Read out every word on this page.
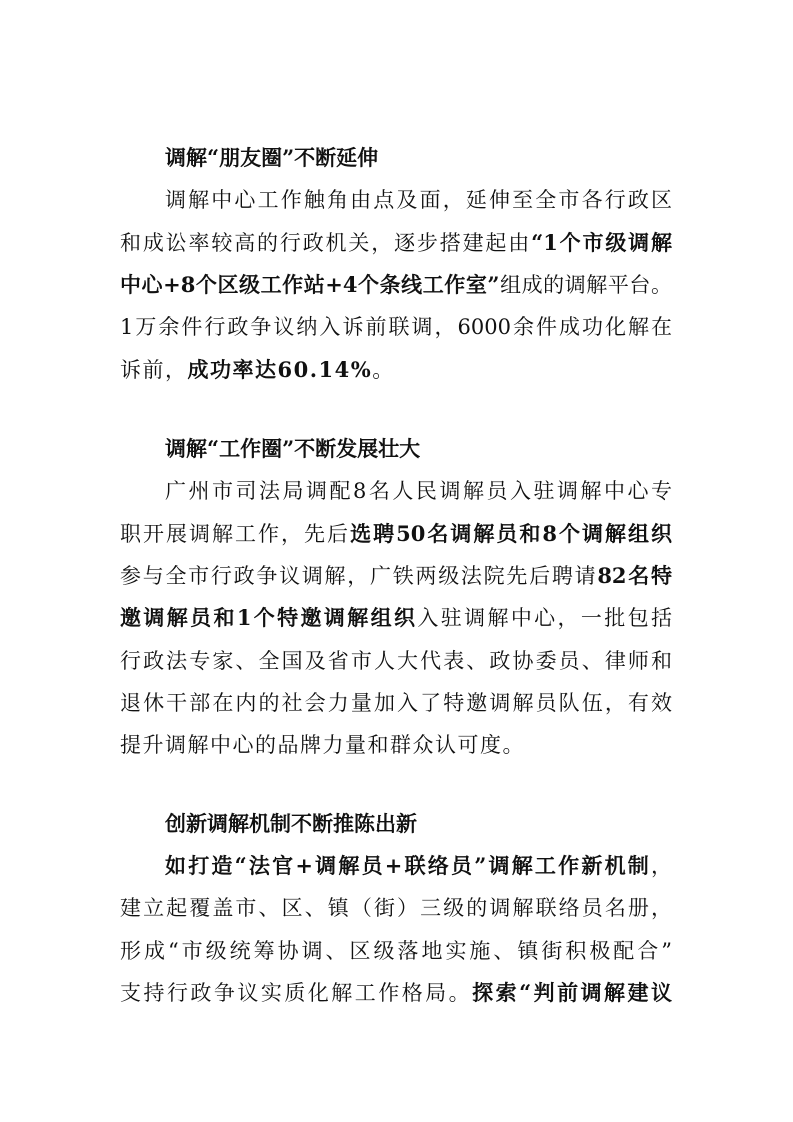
调解“朋友圈”不断延伸
调解中心工作触角由点及面，延伸至全市各行政区
和成讼率较高的行政机关，逐步搭建起由“1个市级调解
中心+8个区级工作站+4个条线工作室”组成的调解平台。
1万余件行政争议纳入诉前联调，6000余件成功化解在
诉前，成功率达60.14%。
调解“工作圈”不断发展壮大
广州市司法局调配8名人民调解员入驻调解中心专
职开展调解工作，先后选聘50名调解员和8个调解组织
参与全市行政争议调解，广铁两级法院先后聘请82名特
邀调解员和1个特邀调解组织入驻调解中心，一批包括
行政法专家、全国及省市人大代表、政协委员、律师和
退休干部在内的社会力量加入了特邀调解员队伍，有效
提升调解中心的品牌力量和群众认可度。
创新调解机制不断推陈出新
如打造“法官+调解员+联络员”调解工作新机制，
建立起覆盖市、区、镇（街）三级的调解联络员名册，
形成“市级统筹协调、区级落地实施、镇街积极配合”
支持行政争议实质化解工作格局。探索“判前调解建议
